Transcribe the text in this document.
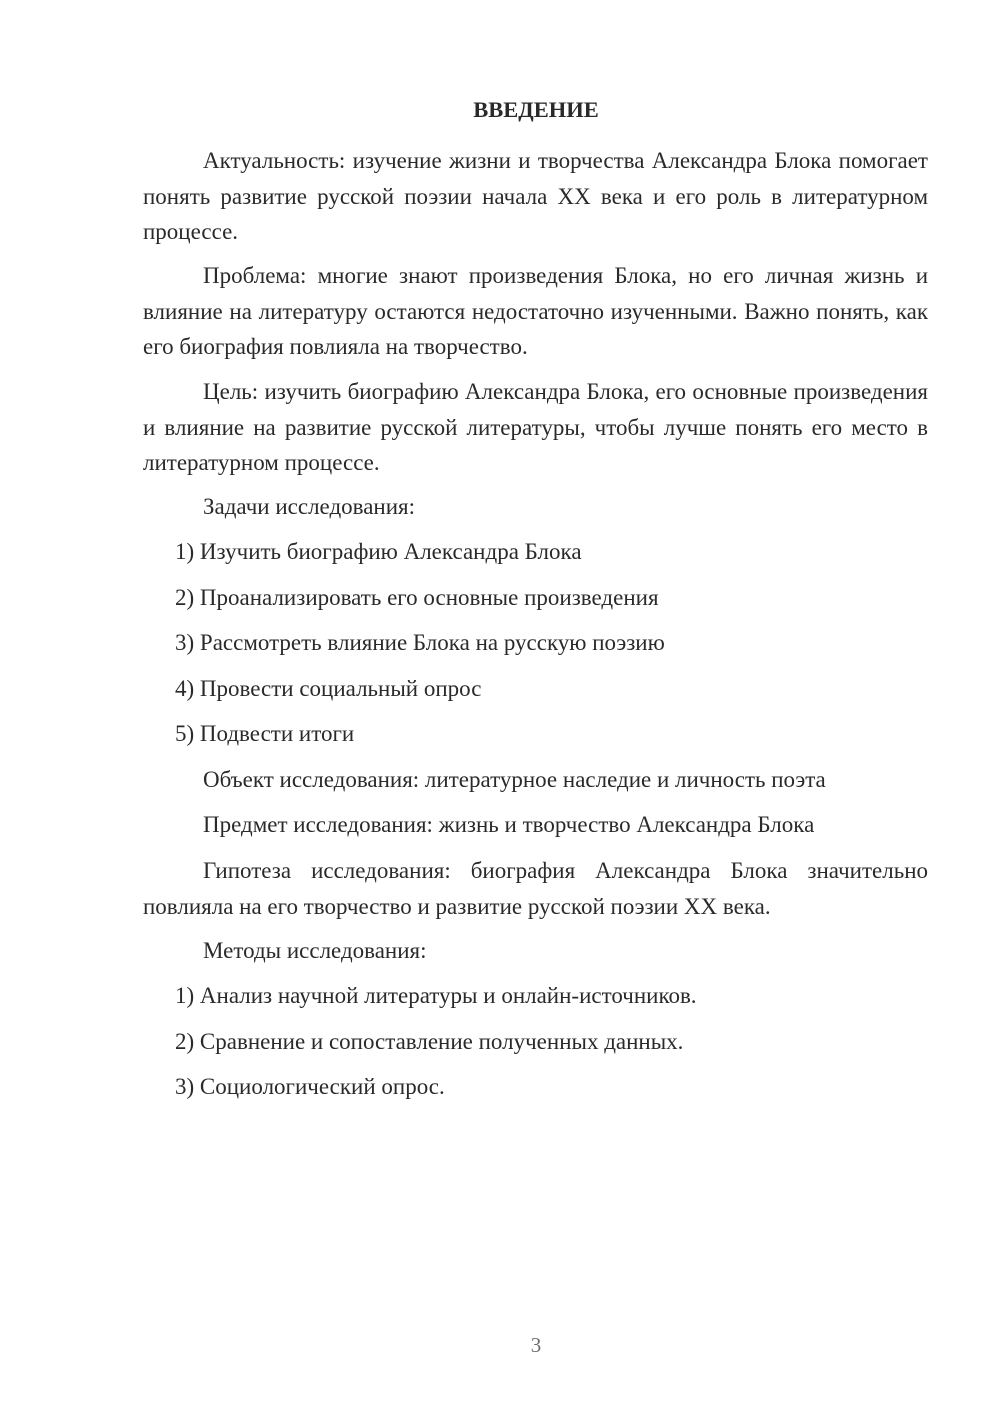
ВВЕДЕНИЕ

Актуальность: изучение жизни и творчества Александра Блока помогает понять развитие русской поэзии начала XX века и его роль в литературном процессе.

Проблема: многие знают произведения Блока, но его личная жизнь и влияние на литературу остаются недостаточно изученными. Важно понять, как его биография повлияла на творчество.

Цель: изучить биографию Александра Блока, его основные произведения и влияние на развитие русской литературы, чтобы лучше понять его место в литературном процессе.

Задачи исследования:

1) Изучить биографию Александра Блока

2) Проанализировать его основные произведения

3) Рассмотреть влияние Блока на русскую поэзию

4) Провести социальный опрос

5) Подвести итоги

Объект исследования: литературное наследие и личность поэта

Предмет исследования: жизнь и творчество Александра Блока

Гипотеза исследования: биография Александра Блока значительно повлияла на его творчество и развитие русской поэзии XX века.

Методы исследования:

1) Анализ научной литературы и онлайн-источников.

2) Сравнение и сопоставление полученных данных.

3) Социологический опрос.

3
